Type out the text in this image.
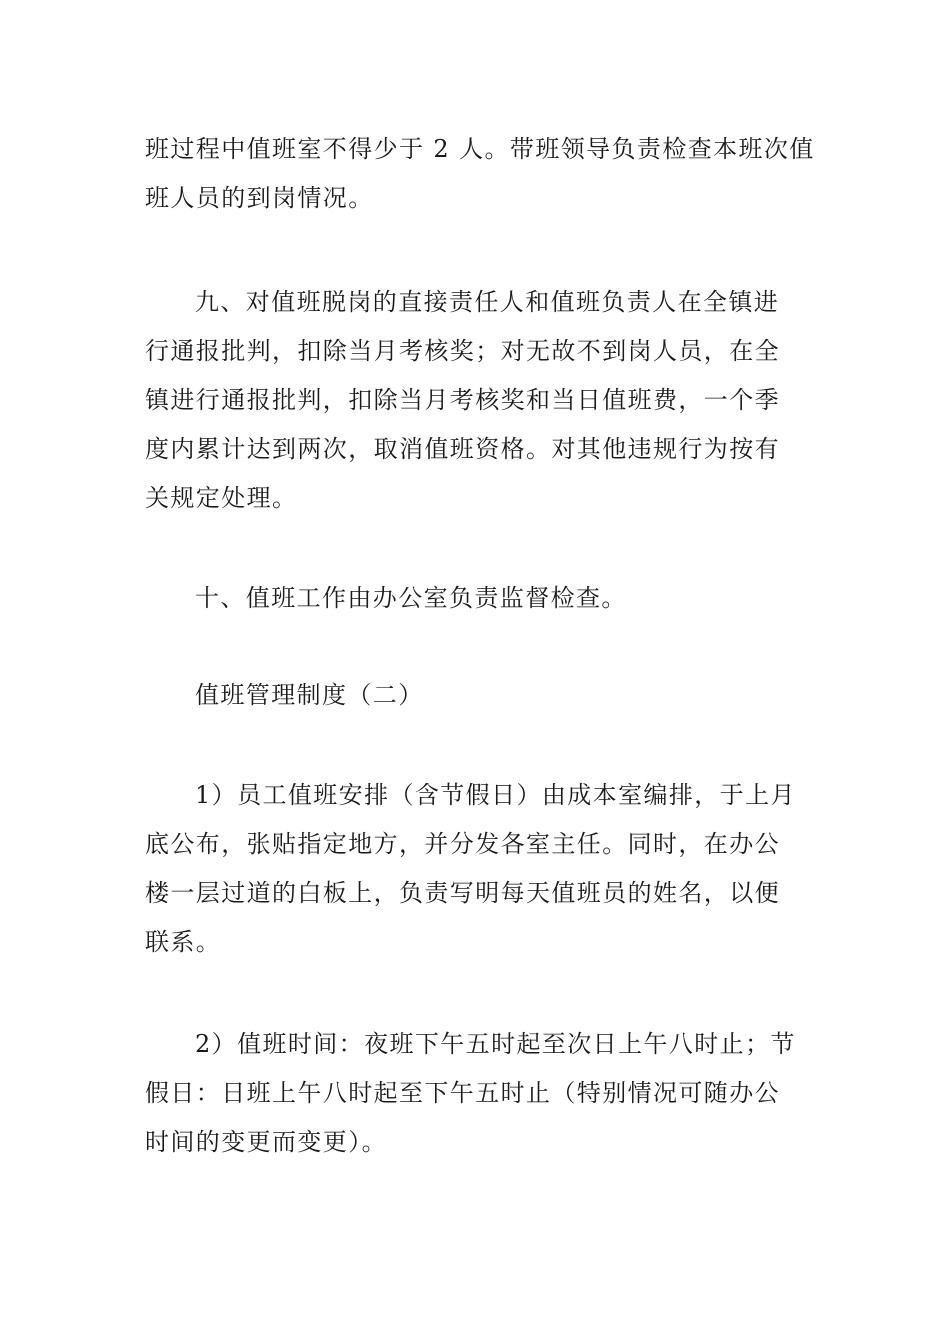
班过程中值班室不得少于 2 人。带班领导负责检查本班次值
班人员的到岗情况。

九、对值班脱岗的直接责任人和值班负责人在全镇进
行通报批判，扣除当月考核奖；对无故不到岗人员，在全
镇进行通报批判，扣除当月考核奖和当日值班费，一个季
度内累计达到两次，取消值班资格。对其他违规行为按有
关规定处理。

十、值班工作由办公室负责监督检查。

值班管理制度（二）

1）员工值班安排（含节假日）由成本室编排，于上月
底公布，张贴指定地方，并分发各室主任。同时，在办公
楼一层过道的白板上，负责写明每天值班员的姓名，以便
联系。

2）值班时间：夜班下午五时起至次日上午八时止；节
假日：日班上午八时起至下午五时止（特别情况可随办公
时间的变更而变更）。
